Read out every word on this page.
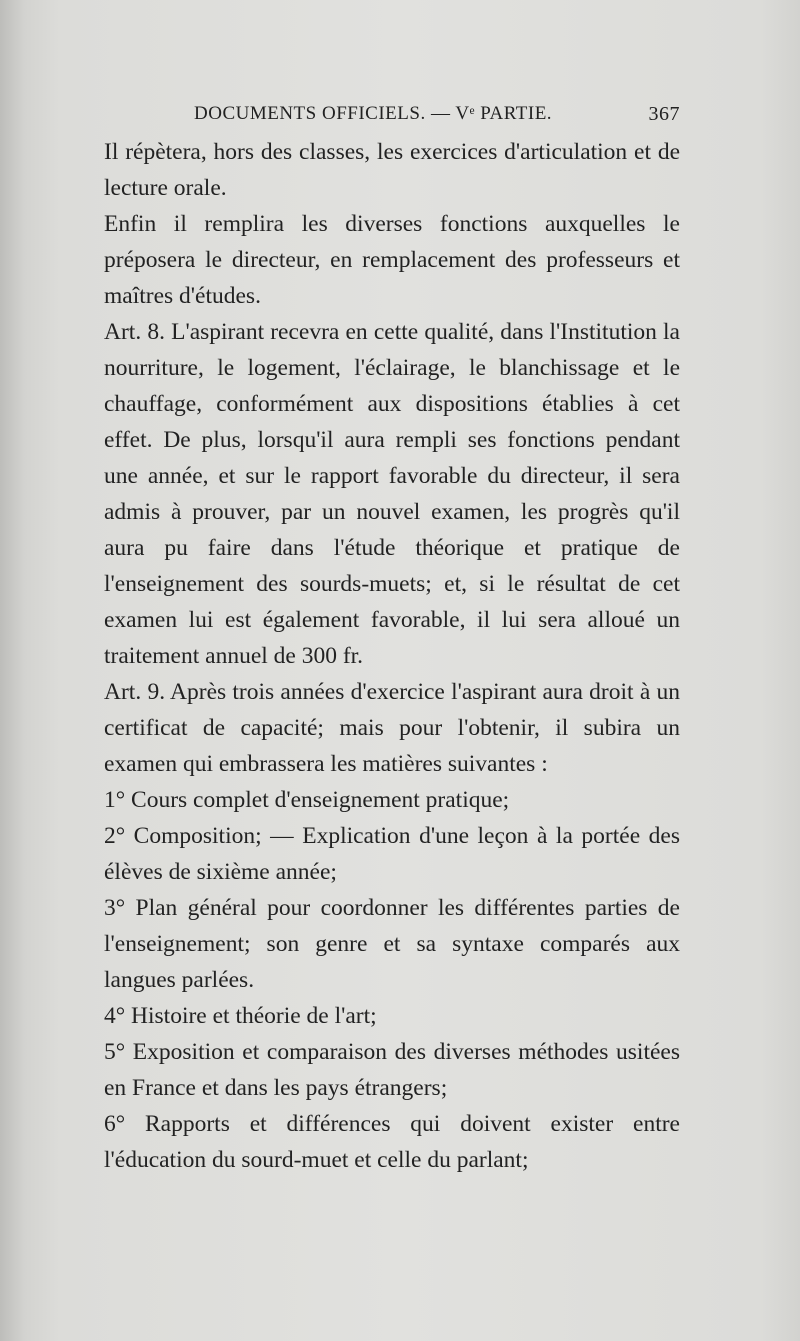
DOCUMENTS OFFICIELS. — Vᵉ PARTIE.	367

Il répètera, hors des classes, les exercices d'articulation et de lecture orale.

Enfin il remplira les diverses fonctions auxquelles le préposera le directeur, en remplacement des professeurs et maîtres d'études.

Art. 8. L'aspirant recevra en cette qualité, dans l'Institution la nourriture, le logement, l'éclairage, le blanchissage et le chauffage, conformément aux dispositions établies à cet effet. De plus, lorsqu'il aura rempli ses fonctions pendant une année, et sur le rapport favorable du directeur, il sera admis à prouver, par un nouvel examen, les progrès qu'il aura pu faire dans l'étude théorique et pratique de l'enseignement des sourds-muets; et, si le résultat de cet examen lui est également favorable, il lui sera alloué un traitement annuel de 300 fr.

Art. 9. Après trois années d'exercice l'aspirant aura droit à un certificat de capacité; mais pour l'obtenir, il subira un examen qui embrassera les matières suivantes :

1° Cours complet d'enseignement pratique;

2° Composition; — Explication d'une leçon à la portée des élèves de sixième année;

3° Plan général pour coordonner les différentes parties de l'enseignement; son genre et sa syntaxe comparés aux langues parlées.

4° Histoire et théorie de l'art;

5° Exposition et comparaison des diverses méthodes usitées en France et dans les pays étrangers;

6° Rapports et différences qui doivent exister entre l'éducation du sourd-muet et celle du parlant;
